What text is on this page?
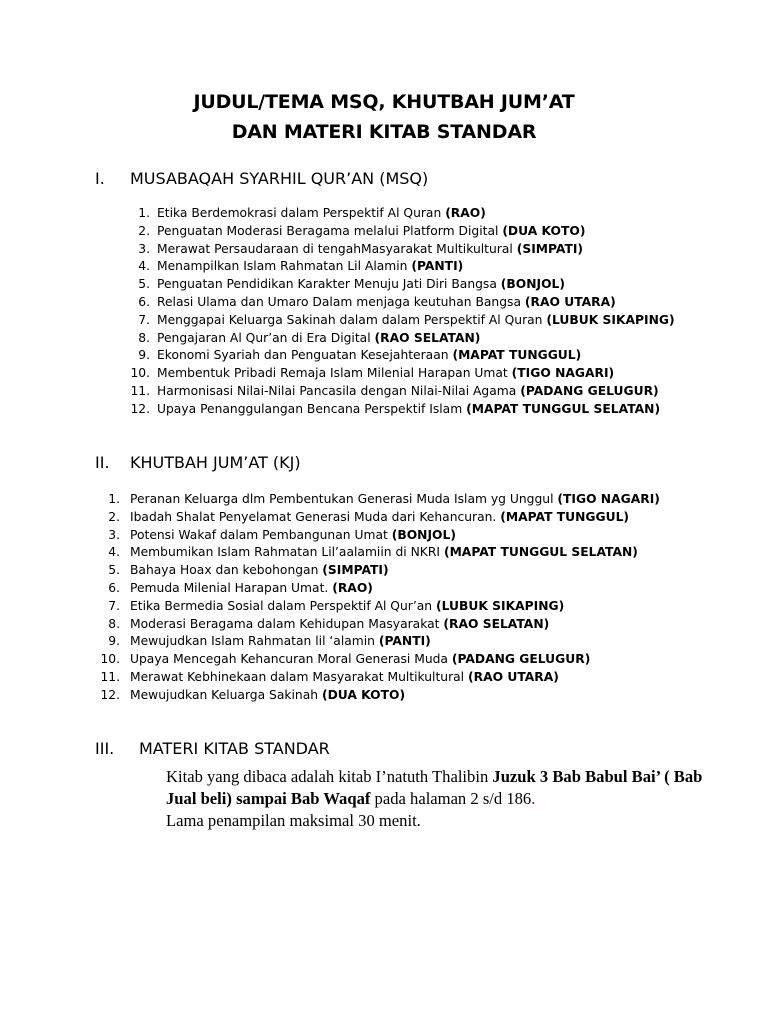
JUDUL/TEMA MSQ, KHUTBAH JUM’AT
DAN MATERI KITAB STANDAR
I. MUSABAQAH SYARHIL QUR’AN (MSQ)
1. Etika Berdemokrasi dalam Perspektif Al Quran (RAO)
2. Penguatan Moderasi Beragama melalui Platform Digital (DUA KOTO)
3. Merawat Persaudaraan di tengahMasyarakat Multikultural (SIMPATI)
4. Menampilkan Islam Rahmatan Lil Alamin (PANTI)
5. Penguatan Pendidikan Karakter Menuju Jati Diri Bangsa (BONJOL)
6. Relasi Ulama dan Umaro Dalam menjaga keutuhan Bangsa (RAO UTARA)
7. Menggapai Keluarga Sakinah dalam dalam Perspektif Al Quran (LUBUK SIKAPING)
8. Pengajaran Al Qur’an di Era Digital (RAO SELATAN)
9. Ekonomi Syariah dan Penguatan Kesejahteraan (MAPAT TUNGGUL)
10. Membentuk Pribadi Remaja Islam Milenial Harapan Umat (TIGO NAGARI)
11. Harmonisasi Nilai-Nilai Pancasila dengan Nilai-Nilai Agama (PADANG GELUGUR)
12. Upaya Penanggulangan Bencana Perspektif Islam (MAPAT TUNGGUL SELATAN)
II. KHUTBAH JUM’AT (KJ)
1. Peranan Keluarga dlm Pembentukan Generasi Muda Islam yg Unggul (TIGO NAGARI)
2. Ibadah Shalat Penyelamat Generasi Muda dari Kehancuran. (MAPAT TUNGGUL)
3. Potensi Wakaf dalam Pembangunan Umat (BONJOL)
4. Membumikan Islam Rahmatan Lil’aalamiin di NKRI (MAPAT TUNGGUL SELATAN)
5. Bahaya Hoax dan kebohongan (SIMPATI)
6. Pemuda Milenial Harapan Umat. (RAO)
7. Etika Bermedia Sosial dalam Perspektif Al Qur’an (LUBUK SIKAPING)
8. Moderasi Beragama dalam Kehidupan Masyarakat (RAO SELATAN)
9. Mewujudkan Islam Rahmatan lil ‘alamin (PANTI)
10. Upaya Mencegah Kehancuran Moral Generasi Muda (PADANG GELUGUR)
11. Merawat Kebhinekaan dalam Masyarakat Multikultural (RAO UTARA)
12. Mewujudkan Keluarga Sakinah (DUA KOTO)
III. MATERI KITAB STANDAR
Kitab yang dibaca adalah kitab I’natuth Thalibin Juzuk 3 Bab Babul Bai’ ( Bab Jual beli) sampai Bab Waqaf pada halaman 2 s/d 186.
Lama penampilan maksimal 30 menit.
